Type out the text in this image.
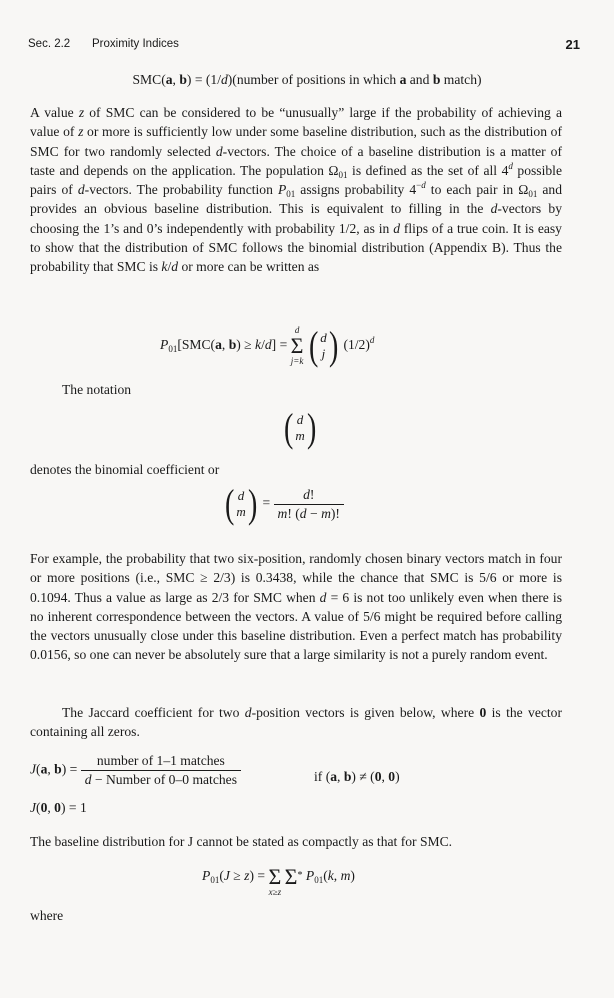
Sec. 2.2 Proximity Indices	21
SMC(a, b) = (1/d)(number of positions in which a and b match)
A value z of SMC can be considered to be “unusually” large if the probability of achieving a value of z or more is sufficiently low under some baseline distribution, such as the distribution of SMC for two randomly selected d-vectors. The choice of a baseline distribution is a matter of taste and depends on the application. The population $\Omega_{01}$ is defined as the set of all 4$^d$ possible pairs of d-vectors. The probability function $P_{01}$ assigns probability $4^{-d}$ to each pair in $\Omega_{01}$ and provides an obvious baseline distribution. This is equivalent to filling in the d-vectors by choosing the 1’s and 0’s independently with probability 1/2, as in d flips of a true coin. It is easy to show that the distribution of SMC follows the binomial distribution (Appendix B). Thus the probability that SMC is k/d or more can be written as
$P_{01}[SMC(a$, b) ≥ k/d] =
d
Σ
j=k ( d
j) $(1/2)^d$
The notation
( d
m)
denotes the binomial coefficient or
( d
$m) = \frac{d!}{m! (d - m)!}$
For example, the probability that two six-position, randomly chosen binary vectors match in four or more positions (i.e., SMC ≥ 2/3) is 0.3438, while the chance that SMC is 5/6 or more is 0.1094. Thus a value as large as 2/3 for SMC when d = 6 is not too unlikely even when there is no inherent correspondence between the vectors. A value of 5/6 might be required before calling the vectors unusually close under this baseline distribution. Even a perfect match has probability 0.0156, so one can never be absolutely sure that a large similarity is not a purely random event.
The Jaccard coefficient for two d-position vectors is given below, where 0 is the vector containing all zeros.
J(a, $b) = \frac{\text{number of 1–1 matches}}{\text{d − Number of 0–0 matches}}$	if (a, b) ≠ (0, 0)
J(0, 0) = 1
The baseline distribution for J cannot be stated as compactly as that for SMC.
$P_{01}(J \ge z)$ =
Σ
x≥z

Σ*
$P_{01}(k$, m)
where
